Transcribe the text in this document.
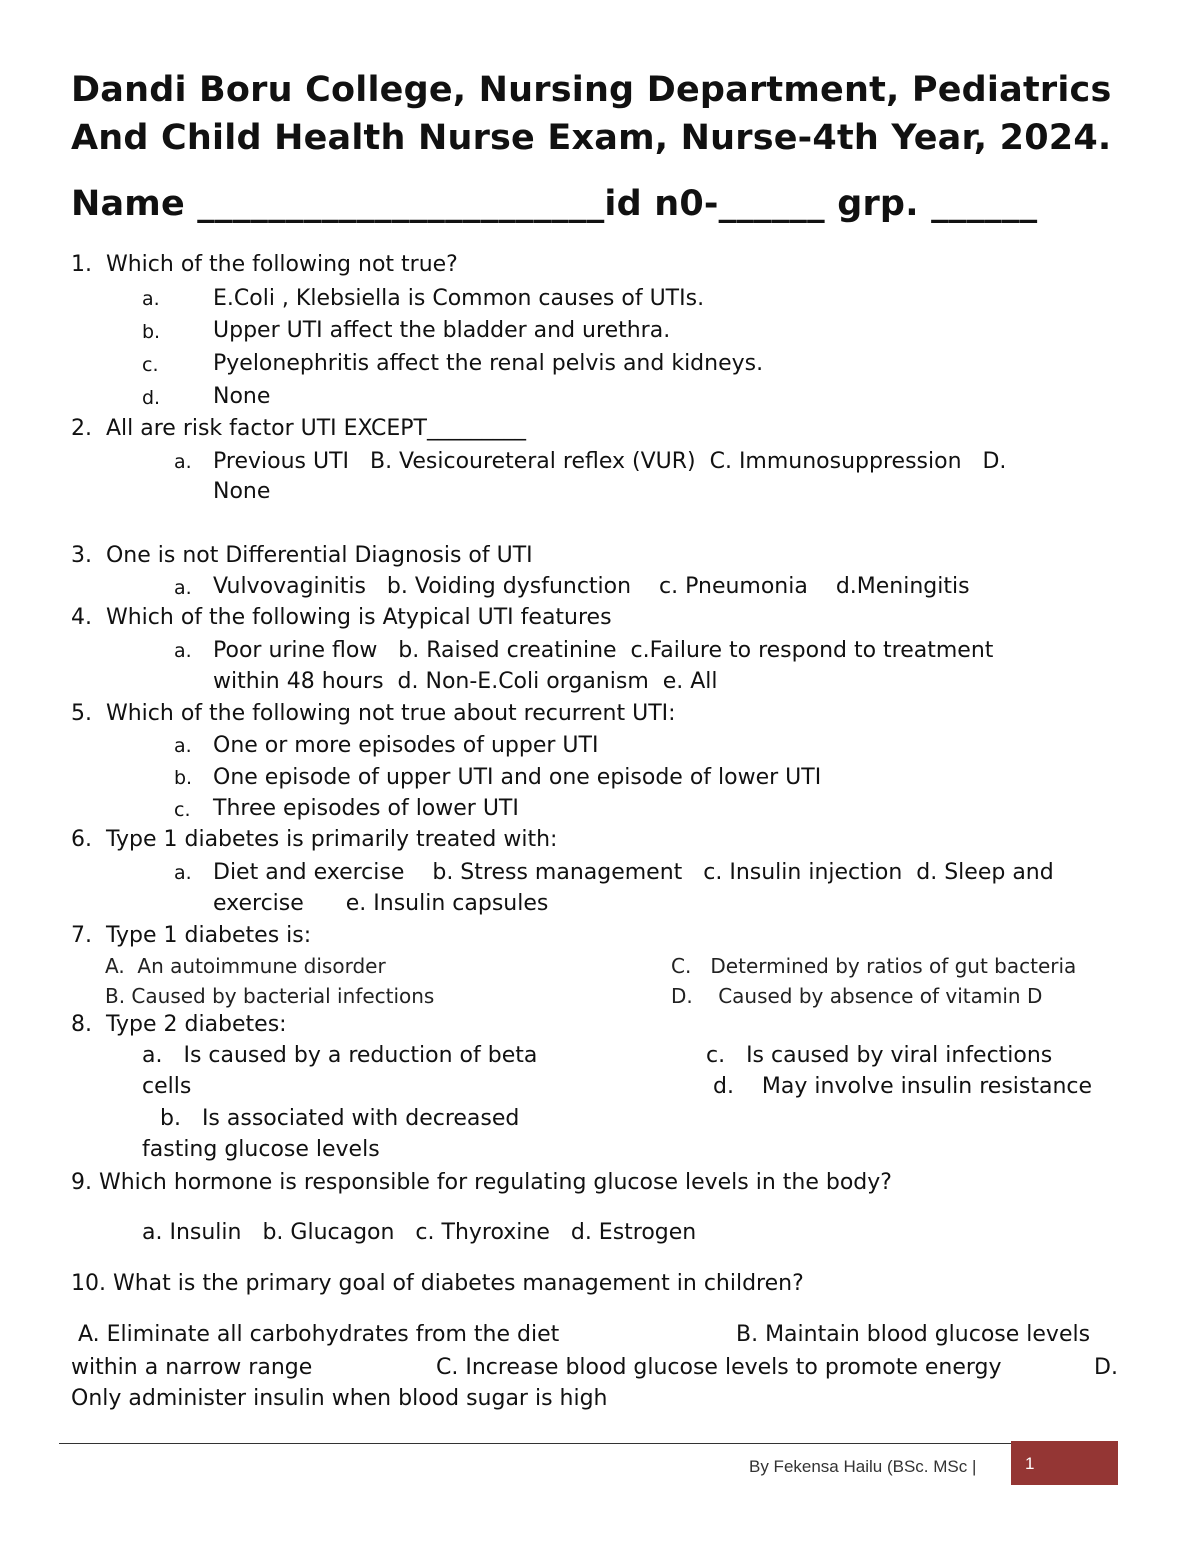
Dandi Boru College, Nursing Department, Pediatrics
And Child Health Nurse Exam, Nurse-4th Year, 2024.
Name _______________________id n0-______ grp. ______
1.  Which of the following not true?
a. E.Coli , Klebsiella is Common causes of UTIs.
b. Upper UTI affect the bladder and urethra.
c. Pyelonephritis affect the renal pelvis and kidneys.
d. None
2.  All are risk factor UTI EXCEPT_________
a. Previous UTI   B. Vesicoureteral reflex (VUR)  C. Immunosuppression   D.
None
3.  One is not Differential Diagnosis of UTI
a. Vulvovaginitis   b. Voiding dysfunction    c. Pneumonia    d.Meningitis
4.  Which of the following is Atypical UTI features
a. Poor urine flow   b. Raised creatinine  c.Failure to respond to treatment
within 48 hours  d. Non-E.Coli organism  e. All
5.  Which of the following not true about recurrent UTI:
a. One or more episodes of upper UTI
b. One episode of upper UTI and one episode of lower UTI
c. Three episodes of lower UTI
6.  Type 1 diabetes is primarily treated with:
a. Diet and exercise    b. Stress management   c. Insulin injection  d. Sleep and
exercise      e. Insulin capsules
7.  Type 1 diabetes is:
A.  An autoimmune disorder
B. Caused by bacterial infections
C.   Determined by ratios of gut bacteria
D.    Caused by absence of vitamin D
8.  Type 2 diabetes:
a.   Is caused by a reduction of beta
cells
b.   Is associated with decreased
fasting glucose levels
c.   Is caused by viral infections
d.    May involve insulin resistance
9. Which hormone is responsible for regulating glucose levels in the body?
a. Insulin   b. Glucagon   c. Thyroxine   d. Estrogen
10. What is the primary goal of diabetes management in children?
A. Eliminate all carbohydrates from the diet	B. Maintain blood glucose levels
within a narrow range	C. Increase blood glucose levels to promote energy	D.
Only administer insulin when blood sugar is high
By Fekensa Hailu (BSc. MSc |	1
